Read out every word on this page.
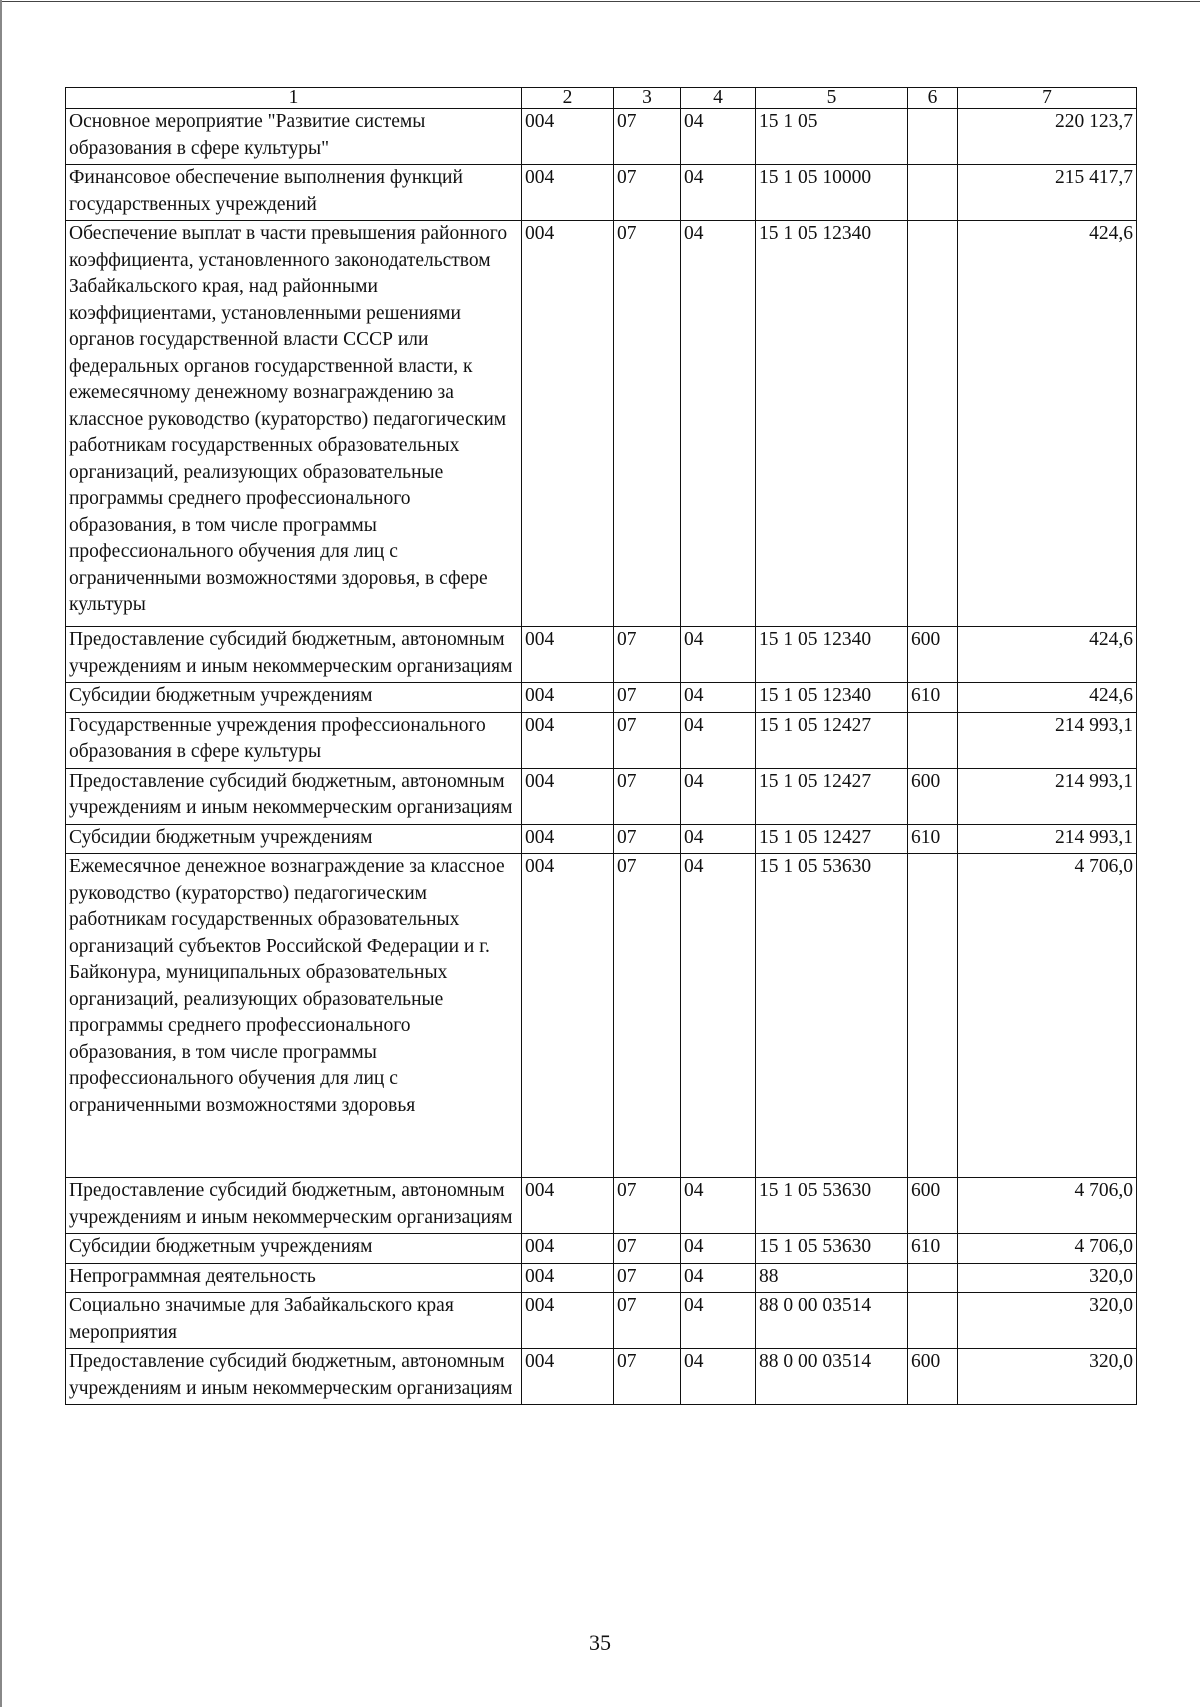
1	2	3	4	5	6	7
Основное мероприятие "Развитие системы образования в сфере культуры"	004	07	04	15 1 05		220 123,7
Финансовое обеспечение выполнения функций государственных учреждений	004	07	04	15 1 05 10000		215 417,7
Обеспечение выплат в части превышения районного коэффициента, установленного законодательством Забайкальского края, над районными коэффициентами, установленными решениями органов государственной власти СССР или федеральных органов государственной власти, к ежемесячному денежному вознаграждению за классное руководство (кураторство) педагогическим работникам государственных образовательных организаций, реализующих образовательные программы среднего профессионального образования, в том числе программы профессионального обучения для лиц с ограниченными возможностями здоровья, в сфере культуры	004	07	04	15 1 05 12340		424,6
Предоставление субсидий бюджетным, автономным учреждениям и иным некоммерческим организациям	004	07	04	15 1 05 12340	600	424,6
Субсидии бюджетным учреждениям	004	07	04	15 1 05 12340	610	424,6
Государственные учреждения профессионального образования в сфере культуры	004	07	04	15 1 05 12427		214 993,1
Предоставление субсидий бюджетным, автономным учреждениям и иным некоммерческим организациям	004	07	04	15 1 05 12427	600	214 993,1
Субсидии бюджетным учреждениям	004	07	04	15 1 05 12427	610	214 993,1
Ежемесячное денежное вознаграждение за классное руководство (кураторство) педагогическим работникам государственных образовательных организаций субъектов Российской Федерации и г. Байконура, муниципальных образовательных организаций, реализующих образовательные программы среднего профессионального образования, в том числе программы профессионального обучения для лиц с ограниченными возможностями здоровья	004	07	04	15 1 05 53630		4 706,0
Предоставление субсидий бюджетным, автономным учреждениям и иным некоммерческим организациям	004	07	04	15 1 05 53630	600	4 706,0
Субсидии бюджетным учреждениям	004	07	04	15 1 05 53630	610	4 706,0
Непрограммная деятельность	004	07	04	88		320,0
Социально значимые для Забайкальского края мероприятия	004	07	04	88 0 00 03514		320,0
Предоставление субсидий бюджетным, автономным учреждениям и иным некоммерческим организациям	004	07	04	88 0 00 03514	600	320,0
35
